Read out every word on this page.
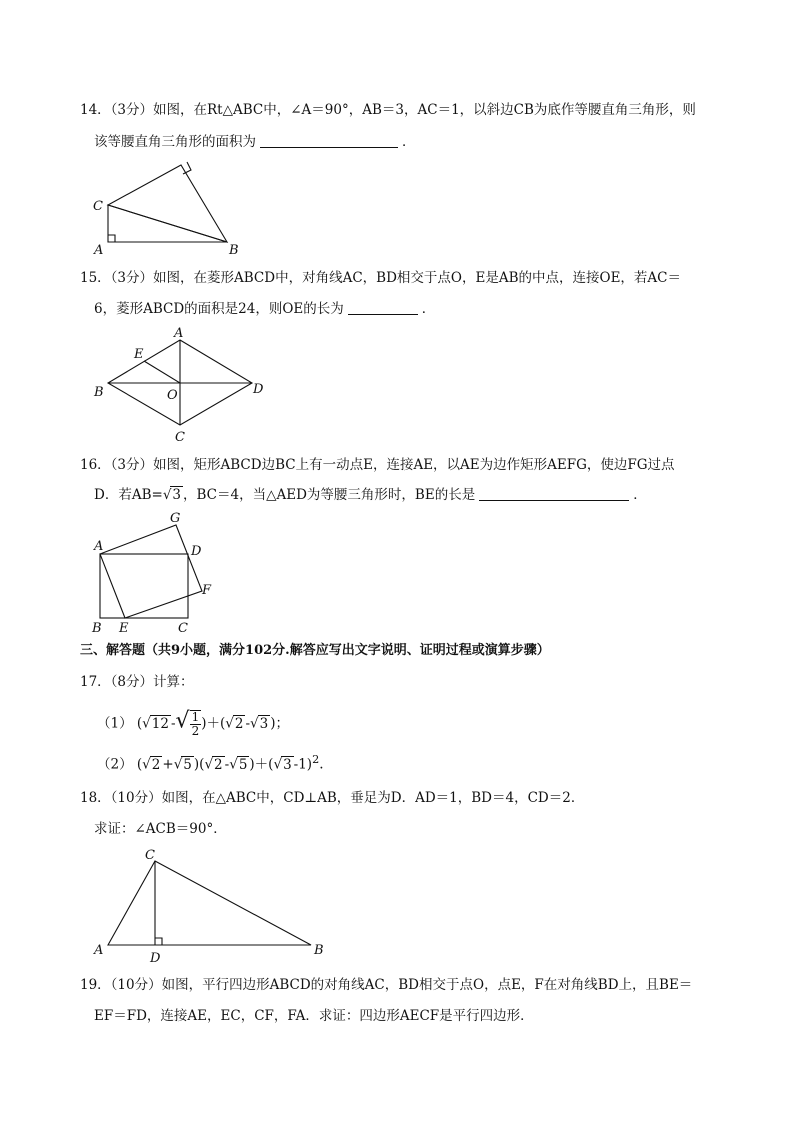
14．（3分）如图，在Rt△ABC中，∠A＝90°，AB＝3，AC＝1，以斜边CB为底作等腰直角三角形，则
该等腰直角三角形的面积为	．
C
A	B
15．（3分）如图，在菱形ABCD中，对角线AC，BD相交于点O，E是AB的中点，连接OE，若AC＝
6，菱形ABCD的面积是24，则OE的长为	．
A
B
C
D
E
O
16．（3分）如图，矩形ABCD边BC上有一动点E，连接AE，以AE为边作矩形AEFG，使边FG过点
D．若AB=√3 ，BC＝4，当△AED为等腰三角形时，BE的长是	．
A
B	C
D
E
F
G
三、解答题（共9小题，满分102分.解答应写出文字说明、证明过程或演算步骤）
17．（8分）计算：
（1） (√12 -√ $\frac{1}{2} )+(√2$ -√3 )；
（2） (√2 +√5 )(√2 -√5 )＋(√3 -1)$^2$.
18．（10分）如图，在△ABC中，CD⊥AB，垂足为D．AD＝1，BD＝4，CD＝2．
求证：∠ACB＝90°．
C
A	B
D
19．（10分）如图，平行四边形ABCD的对角线AC，BD相交于点O，点E，F在对角线BD上，且BE＝
EF＝FD，连接AE，EC，CF，FA．求证：四边形AECF是平行四边形．
